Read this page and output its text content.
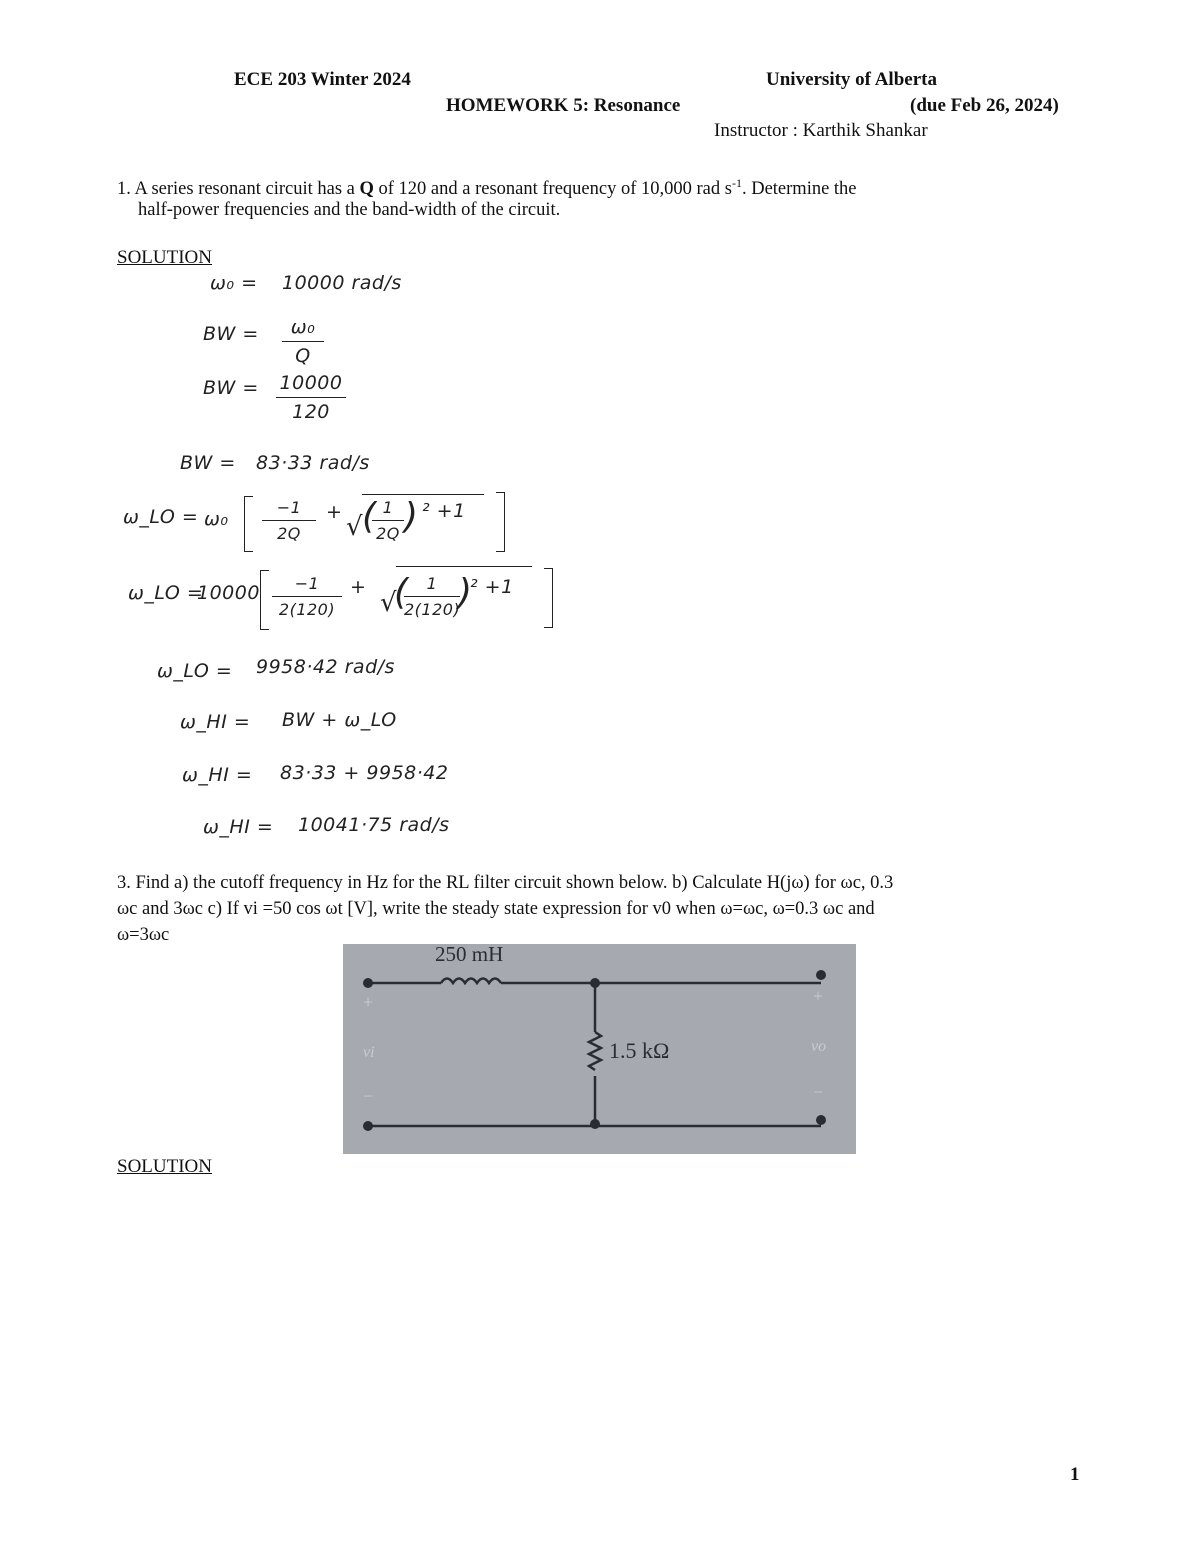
ECE 203 Winter 2024	University of Alberta
HOMEWORK 5: Resonance	(due Feb 26, 2024)
Instructor : Karthik Shankar
1. A series resonant circuit has a Q of 120 and a resonant frequency of 10,000 rad $s^{-1}$. Determine the
half-power frequencies and the band-width of the circuit.
SOLUTION
ω₀ = 10000 rad/s
BW =	ω₀
Q
BW = 10000
120
BW = 83·33 rad/s
ω_LO = ω₀
−1
2Q
+ √
1
2Q
( ) ² +1
ω_LO =
10000	−1
2(120)
+
√
(	1
2(120)
)
² +1
ω_LO = 9958·42 rad/s
ω_HI = BW + ω_LO
ω_HI = 83·33 + 9958·42
ω_HI = 10041·75 rad/s
3. Find a) the cutoff frequency in Hz for the RL filter circuit shown below. b) Calculate H(jω) for ωc, 0.3
ωc and 3ωc c) If vi =50 cos ωt [V], write the steady state expression for v0 when ω=ωc, ω=0.3 ωc and
ω=3ωc
250 mH
1.5 kΩ
+
vi
−
+
vo
−
SOLUTION
1
